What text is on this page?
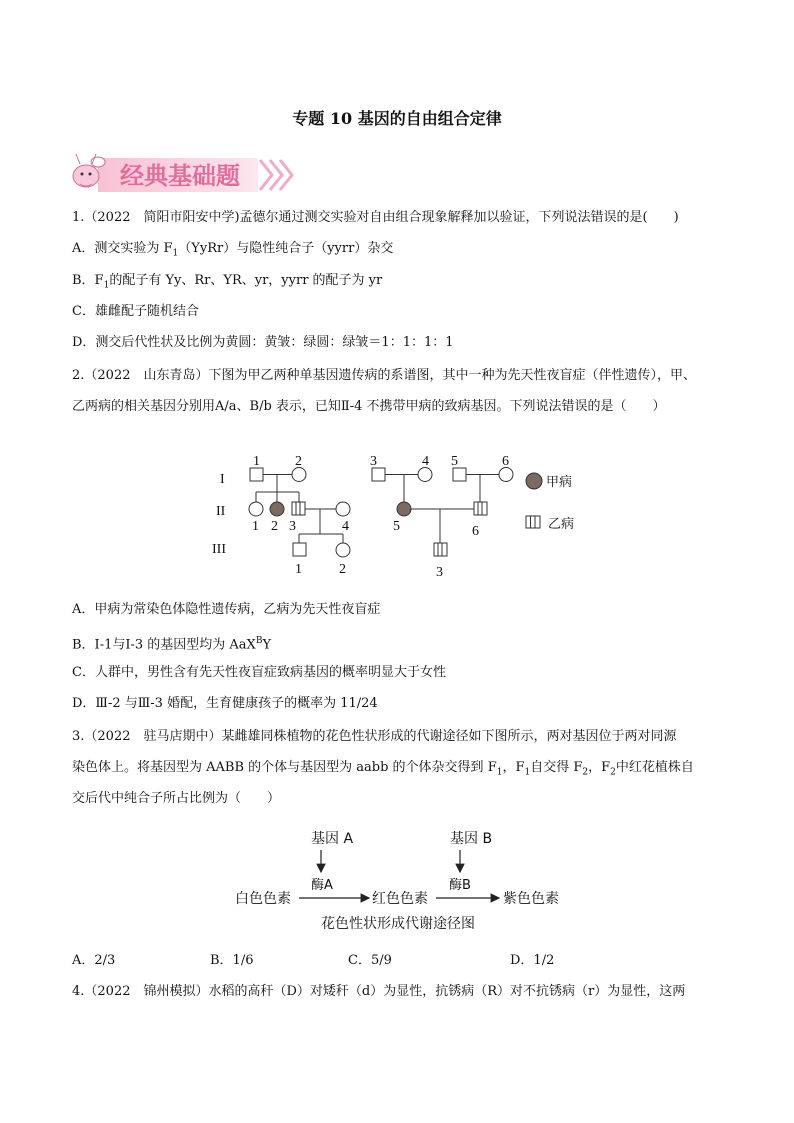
专题 10 基因的自由组合定律
经典基础题
1.（2022　简阳市阳安中学)孟德尔通过测交实验对自由组合现象解释加以验证，下列说法错误的是(　　)
A．测交实验为 $F_1(YyRr)$与隐性纯合子（yyrr）杂交
B．$F_1$的配子有 Yy、Rr、YR、yr，yyrr 的配子为 yr
C．雄雌配子随机结合
D．测交后代性状及比例为黄圆：黄皱：绿圆：绿皱＝1：1：1：1
2.（2022　山东青岛）下图为甲乙两种单基因遗传病的系谱图，其中一种为先天性夜盲症（伴性遗传），甲、
乙两病的相关基因分别用A/a、B/b 表示，已知Ⅱ-4 不携带甲病的致病基因。下列说法错误的是（　　）
I
II
III
1	2	3	4 5	6
1 2 3	4	5	6
1	2	3
甲病
乙病
A．甲病为常染色体隐性遗传病，乙病为先天性夜盲症
B．Ⅰ-1与Ⅰ-3 的基因型均为 AaX$^B$Y
C．人群中，男性含有先天性夜盲症致病基因的概率明显大于女性
D．Ⅲ-2 与Ⅲ-3 婚配，生育健康孩子的概率为 11/24
3.（2022　驻马店期中）某雌雄同株植物的花色性状形成的代谢途径如下图所示，两对基因位于两对同源
染色体上。将基因型为 AABB 的个体与基因型为 aabb 的个体杂交得到 $F_1$，$F_1$自交得 $F_2$，$F_2$中红花植株自
交后代中纯合子所占比例为（　　）
基因 A	基因 B
酶A	酶B
白色色素	红色色素	紫色色素
花色性状形成代谢途径图
A．2/3	B．1/6	C．5/9	D．1/2
4.（2022　锦州模拟）水稻的高秆（D）对矮秆（d）为显性，抗锈病（R）对不抗锈病（r）为显性，这两
